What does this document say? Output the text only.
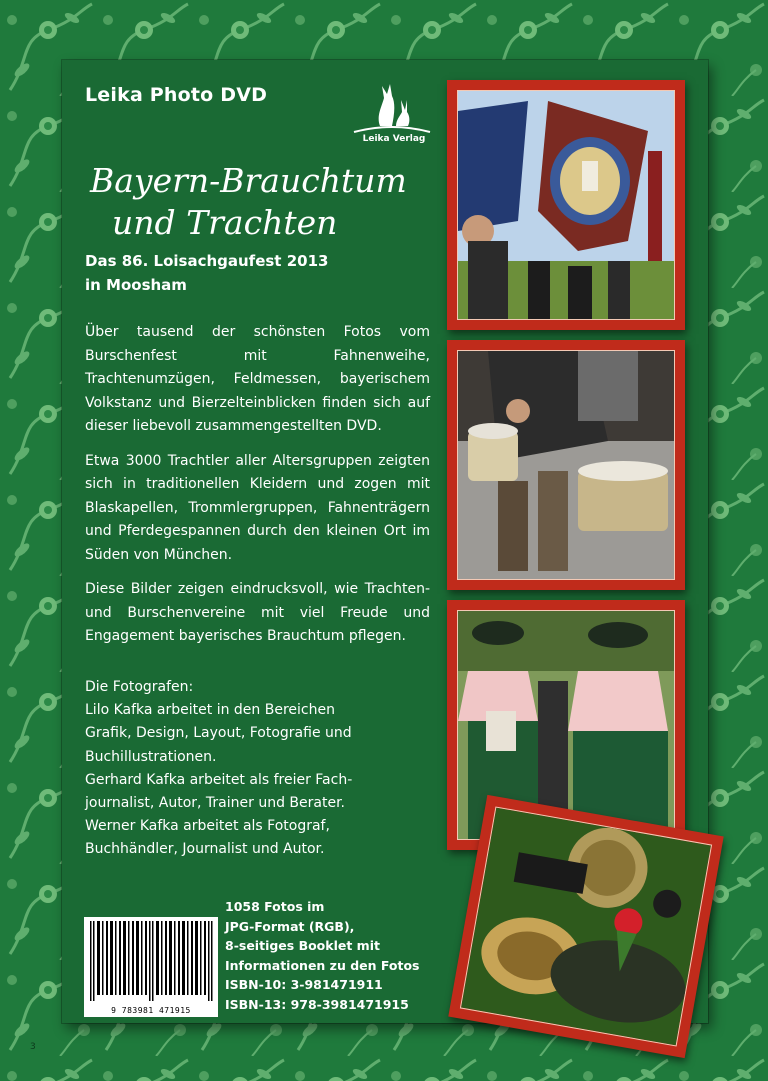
Leika Photo DVD
Leika Verlag
Bayern-Brauchtum
und Trachten
Das 86. Loisachgaufest 2013
in Moosham

Über tausend der schönsten Fotos vom Burschenfest mit Fahnenweihe, Trachtenumzügen, Feldmessen, bayerischem Volkstanz und Bierzelteinblicken finden sich auf dieser liebevoll zusammengestellten DVD.

Etwa 3000 Trachtler aller Altersgruppen zeigten sich in traditionellen Kleidern und zogen mit Blaskapellen, Trommlergruppen, Fahnenträgern und Pferdegespannen durch den kleinen Ort im Süden von München.

Diese Bilder zeigen eindrucksvoll, wie Trachten- und Burschenvereine mit viel Freude und Engagement bayerisches Brauchtum pflegen.

Die Fotografen:
Lilo Kafka arbeitet in den Bereichen
Grafik, Design, Layout, Fotografie und
Buchillustrationen.
Gerhard Kafka arbeitet als freier Fach-
journalist, Autor, Trainer und Berater.
Werner Kafka arbeitet als Fotograf,
Buchhändler, Journalist und Autor.
9 783981 471915
1058 Fotos im
JPG-Format (RGB),
8-seitiges Booklet mit
Informationen zu den Fotos
ISBN-10: 3-981471911
ISBN-13: 978-3981471915
3
